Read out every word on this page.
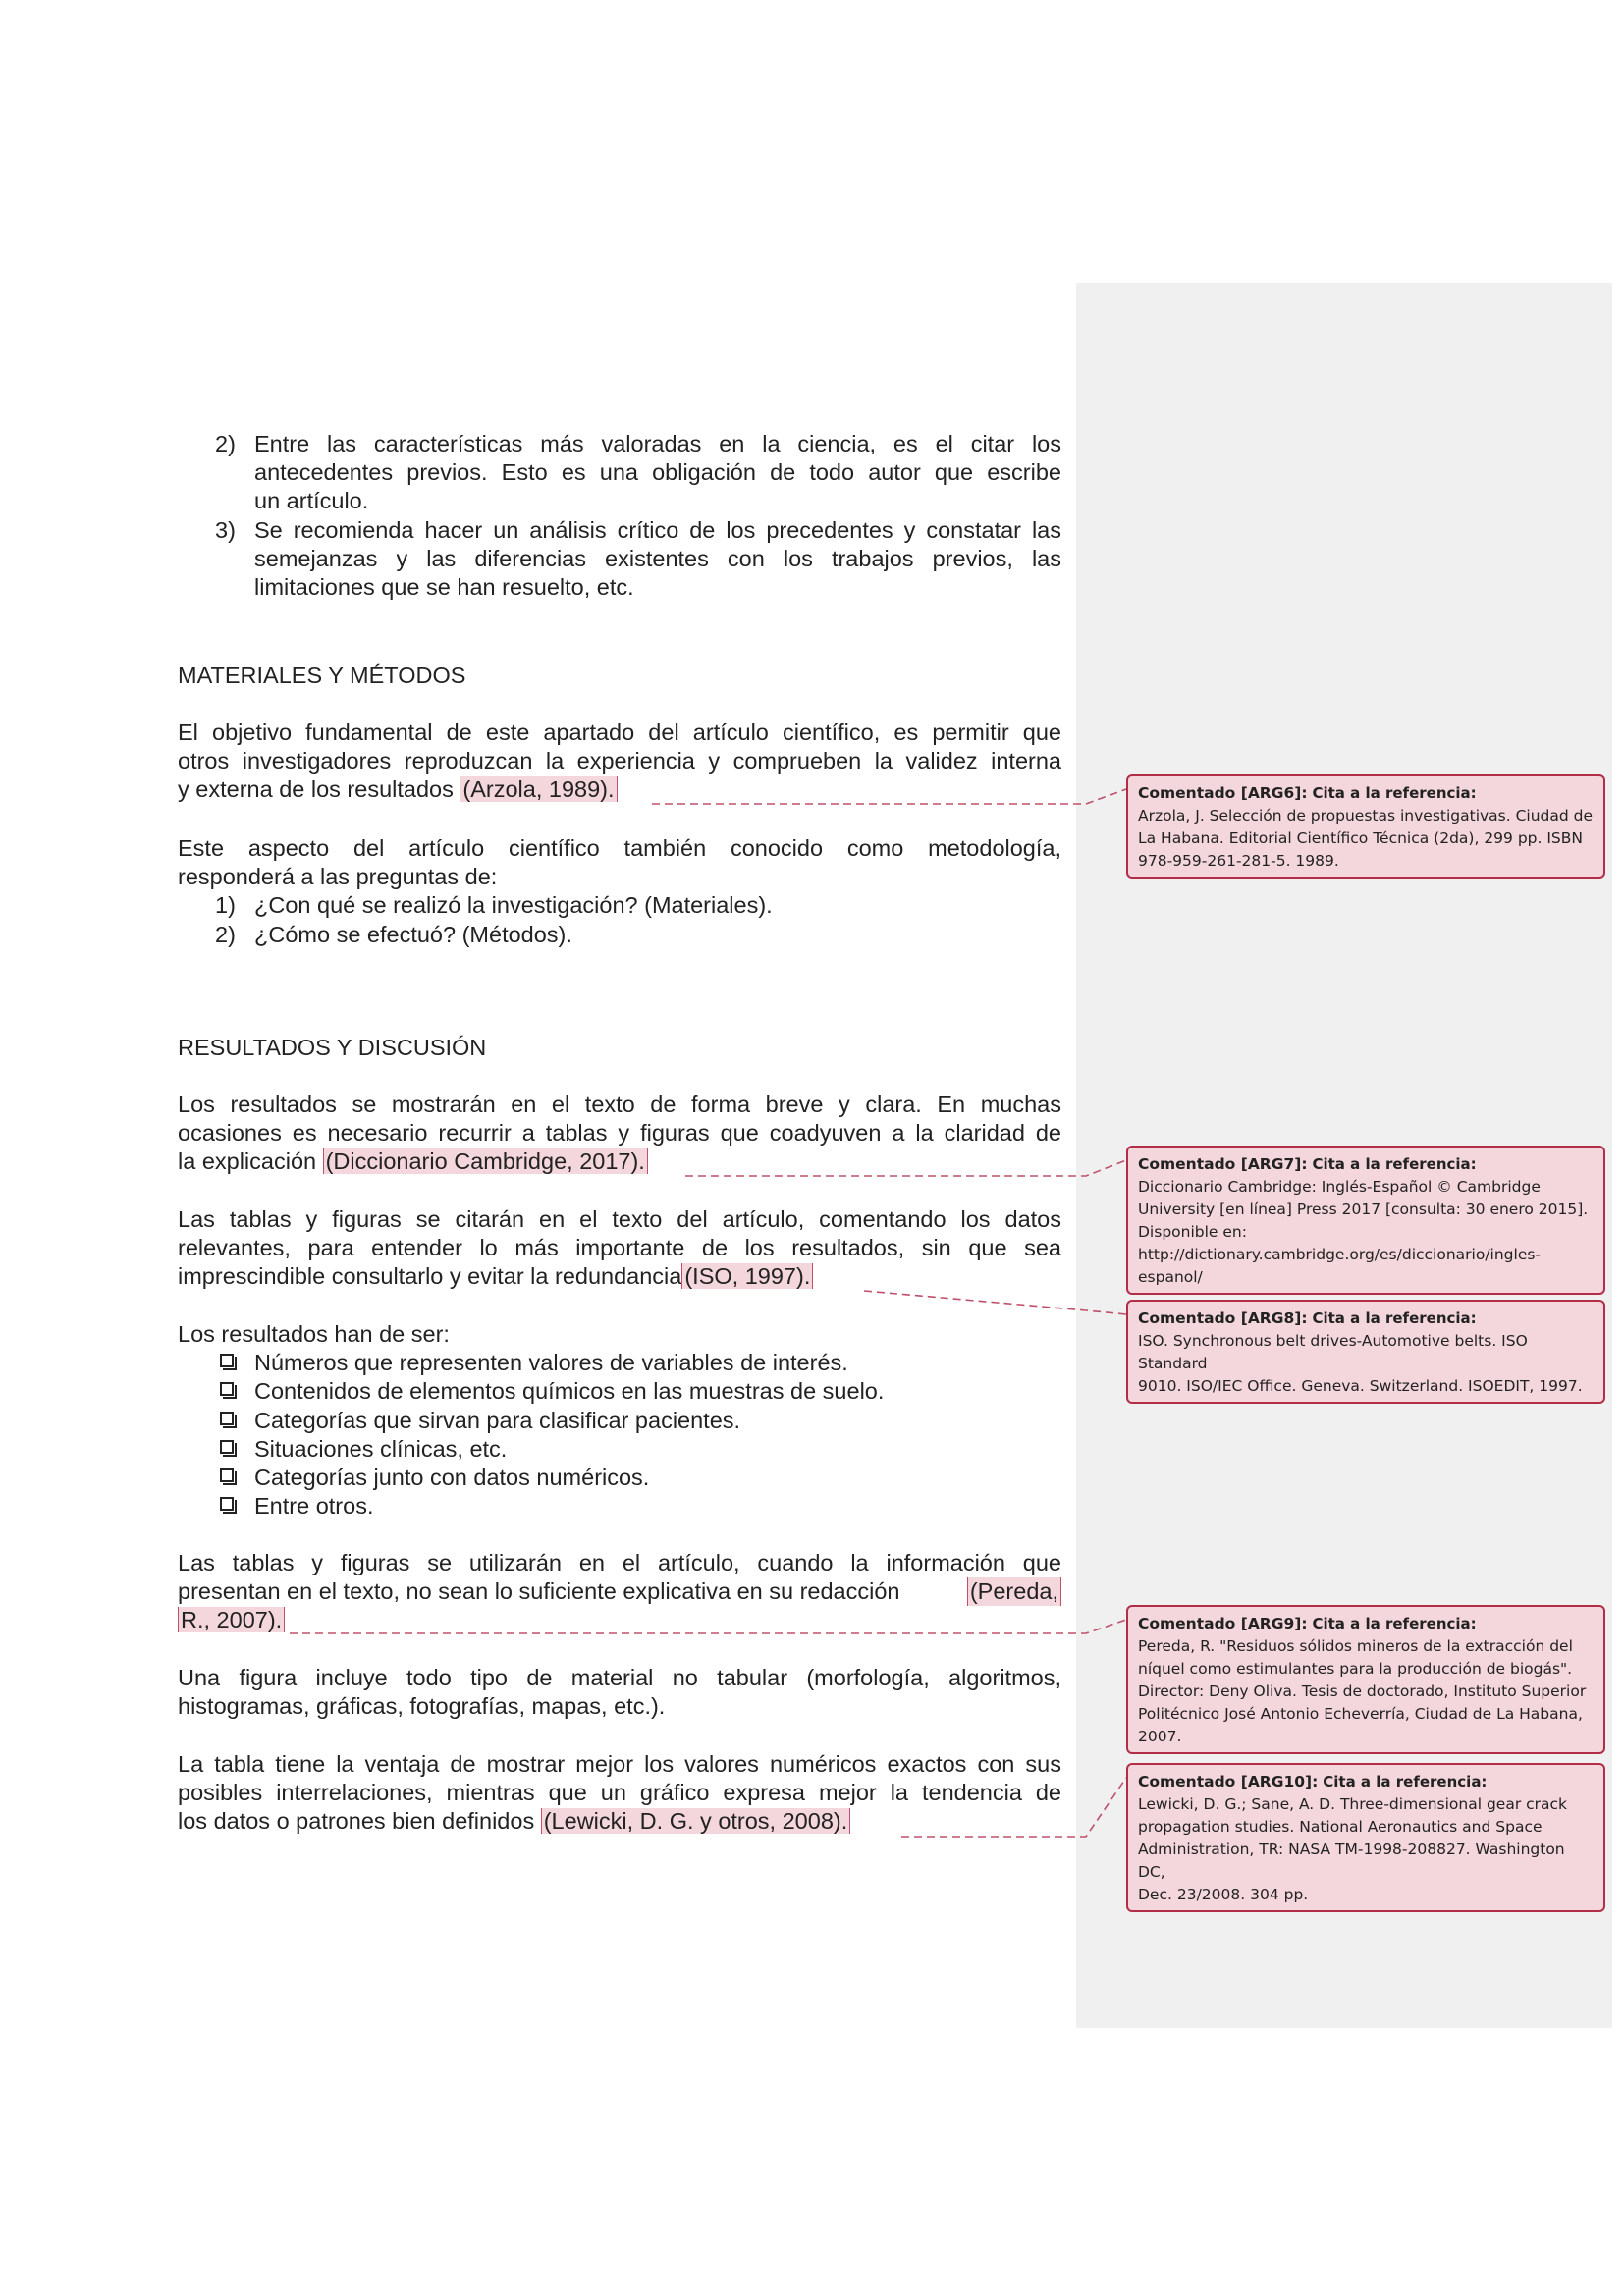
2) Entre las características más valoradas en la ciencia, es el citar los
antecedentes previos. Esto es una obligación de todo autor que escribe
un artículo.
3) Se recomienda hacer un análisis crítico de los precedentes y constatar las
semejanzas y las diferencias existentes con los trabajos previos, las
limitaciones que se han resuelto, etc.
MATERIALES Y MÉTODOS
El objetivo fundamental de este apartado del artículo científico, es permitir que
otros investigadores reproduzcan la experiencia y comprueben la validez interna
y externa de los resultados (Arzola, 1989).
Este aspecto del artículo científico también conocido como metodología,
responderá a las preguntas de:
1) ¿Con qué se realizó la investigación? (Materiales).
2) ¿Cómo se efectuó? (Métodos).
RESULTADOS Y DISCUSIÓN
Los resultados se mostrarán en el texto de forma breve y clara. En muchas
ocasiones es necesario recurrir a tablas y figuras que coadyuven a la claridad de
la explicación (Diccionario Cambridge, 2017).
Las tablas y figuras se citarán en el texto del artículo, comentando los datos
relevantes, para entender lo más importante de los resultados, sin que sea
imprescindible consultarlo y evitar la redundancia (ISO, 1997).
Los resultados han de ser:
Números que representen valores de variables de interés.
Contenidos de elementos químicos en las muestras de suelo.
Categorías que sirvan para clasificar pacientes.
Situaciones clínicas, etc.
Categorías junto con datos numéricos.
Entre otros.
Las tablas y figuras se utilizarán en el artículo, cuando la información que
presentan en el texto, no sean lo suficiente explicativa en su redacción	(Pereda,
R., 2007).
Una figura incluye todo tipo de material no tabular (morfología, algoritmos,
histogramas, gráficas, fotografías, mapas, etc.).
La tabla tiene la ventaja de mostrar mejor los valores numéricos exactos con sus
posibles interrelaciones, mientras que un gráfico expresa mejor la tendencia de
los datos o patrones bien definidos (Lewicki, D. G. y otros, 2008).
Comentado [ARG6]: Cita a la referencia:
Arzola, J. Selección de propuestas investigativas. Ciudad de
La Habana. Editorial Científico Técnica (2da), 299 pp. ISBN
978-959-261-281-5. 1989.
Comentado [ARG7]: Cita a la referencia:
Diccionario Cambridge: Inglés-Español © Cambridge
University [en línea] Press 2017 [consulta: 30 enero 2015].
Disponible en:
http://dictionary.cambridge.org/es/diccionario/ingles-
espanol/
Comentado [ARG8]: Cita a la referencia:
ISO. Synchronous belt drives-Automotive belts. ISO Standard
9010. ISO/IEC Office. Geneva. Switzerland. ISOEDIT, 1997.
Comentado [ARG9]: Cita a la referencia:
Pereda, R. "Residuos sólidos mineros de la extracción del
níquel como estimulantes para la producción de biogás".
Director: Deny Oliva. Tesis de doctorado, Instituto Superior
Politécnico José Antonio Echeverría, Ciudad de La Habana,
2007.
Comentado [ARG10]: Cita a la referencia:
Lewicki, D. G.; Sane, A. D. Three-dimensional gear crack
propagation studies. National Aeronautics and Space
Administration, TR: NASA TM-1998-208827. Washington DC,
Dec. 23/2008. 304 pp.
